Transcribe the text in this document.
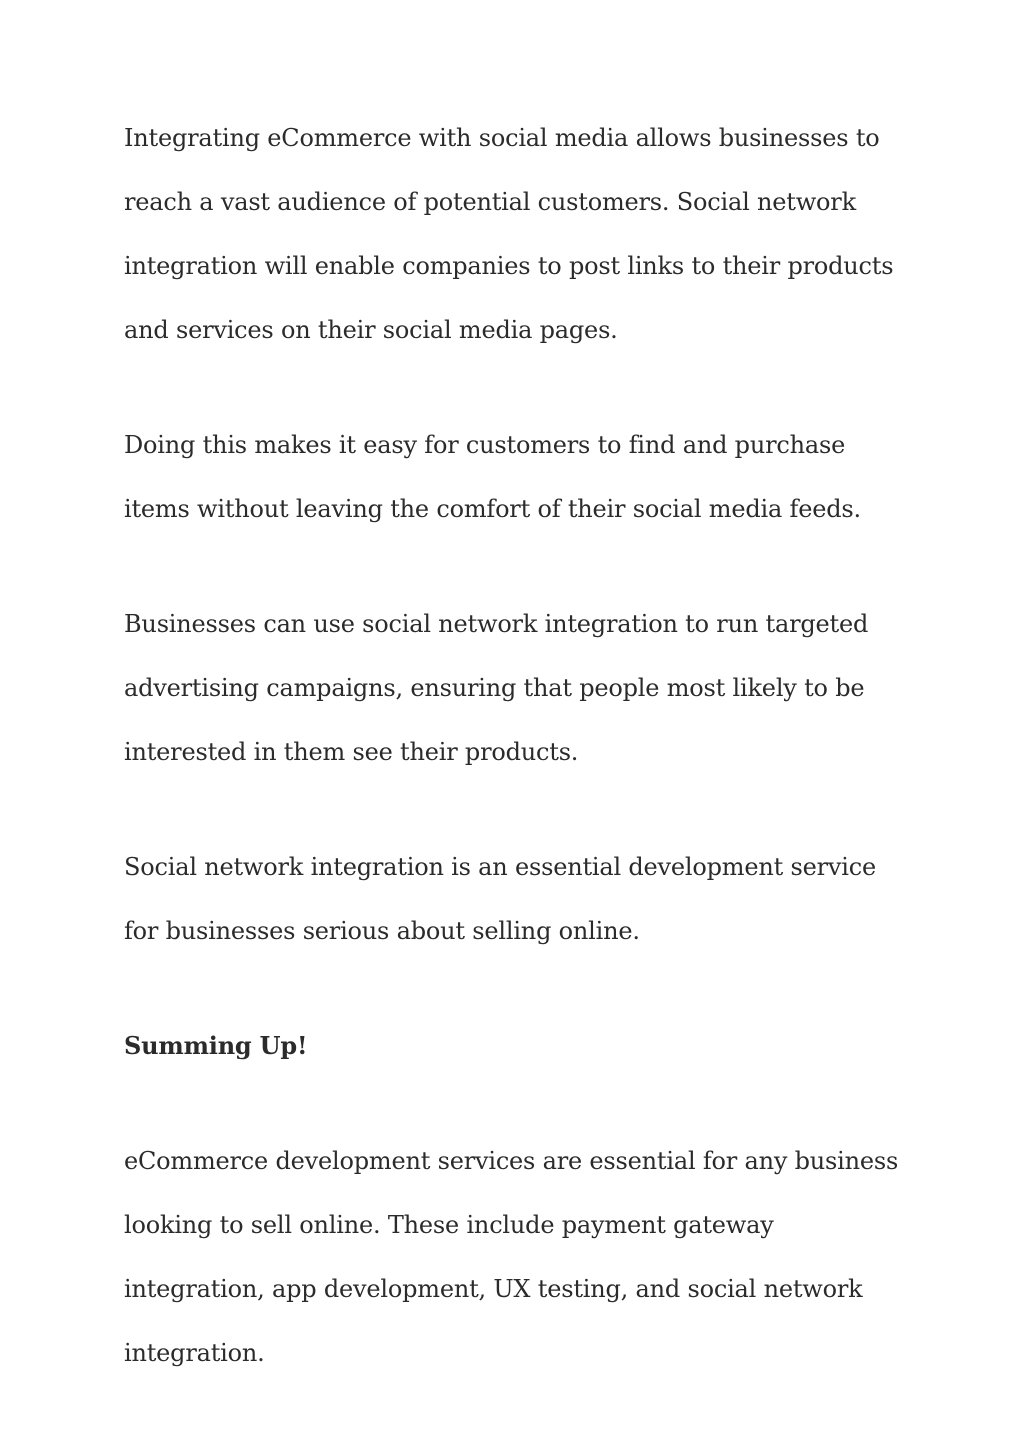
Integrating eCommerce with social media allows businesses to reach a vast audience of potential customers. Social network integration will enable companies to post links to their products and services on their social media pages.

Doing this makes it easy for customers to find and purchase items without leaving the comfort of their social media feeds.

Businesses can use social network integration to run targeted advertising campaigns, ensuring that people most likely to be interested in them see their products.

Social network integration is an essential development service for businesses serious about selling online.

Summing Up!

eCommerce development services are essential for any business looking to sell online. These include payment gateway integration, app development, UX testing, and social network integration.
